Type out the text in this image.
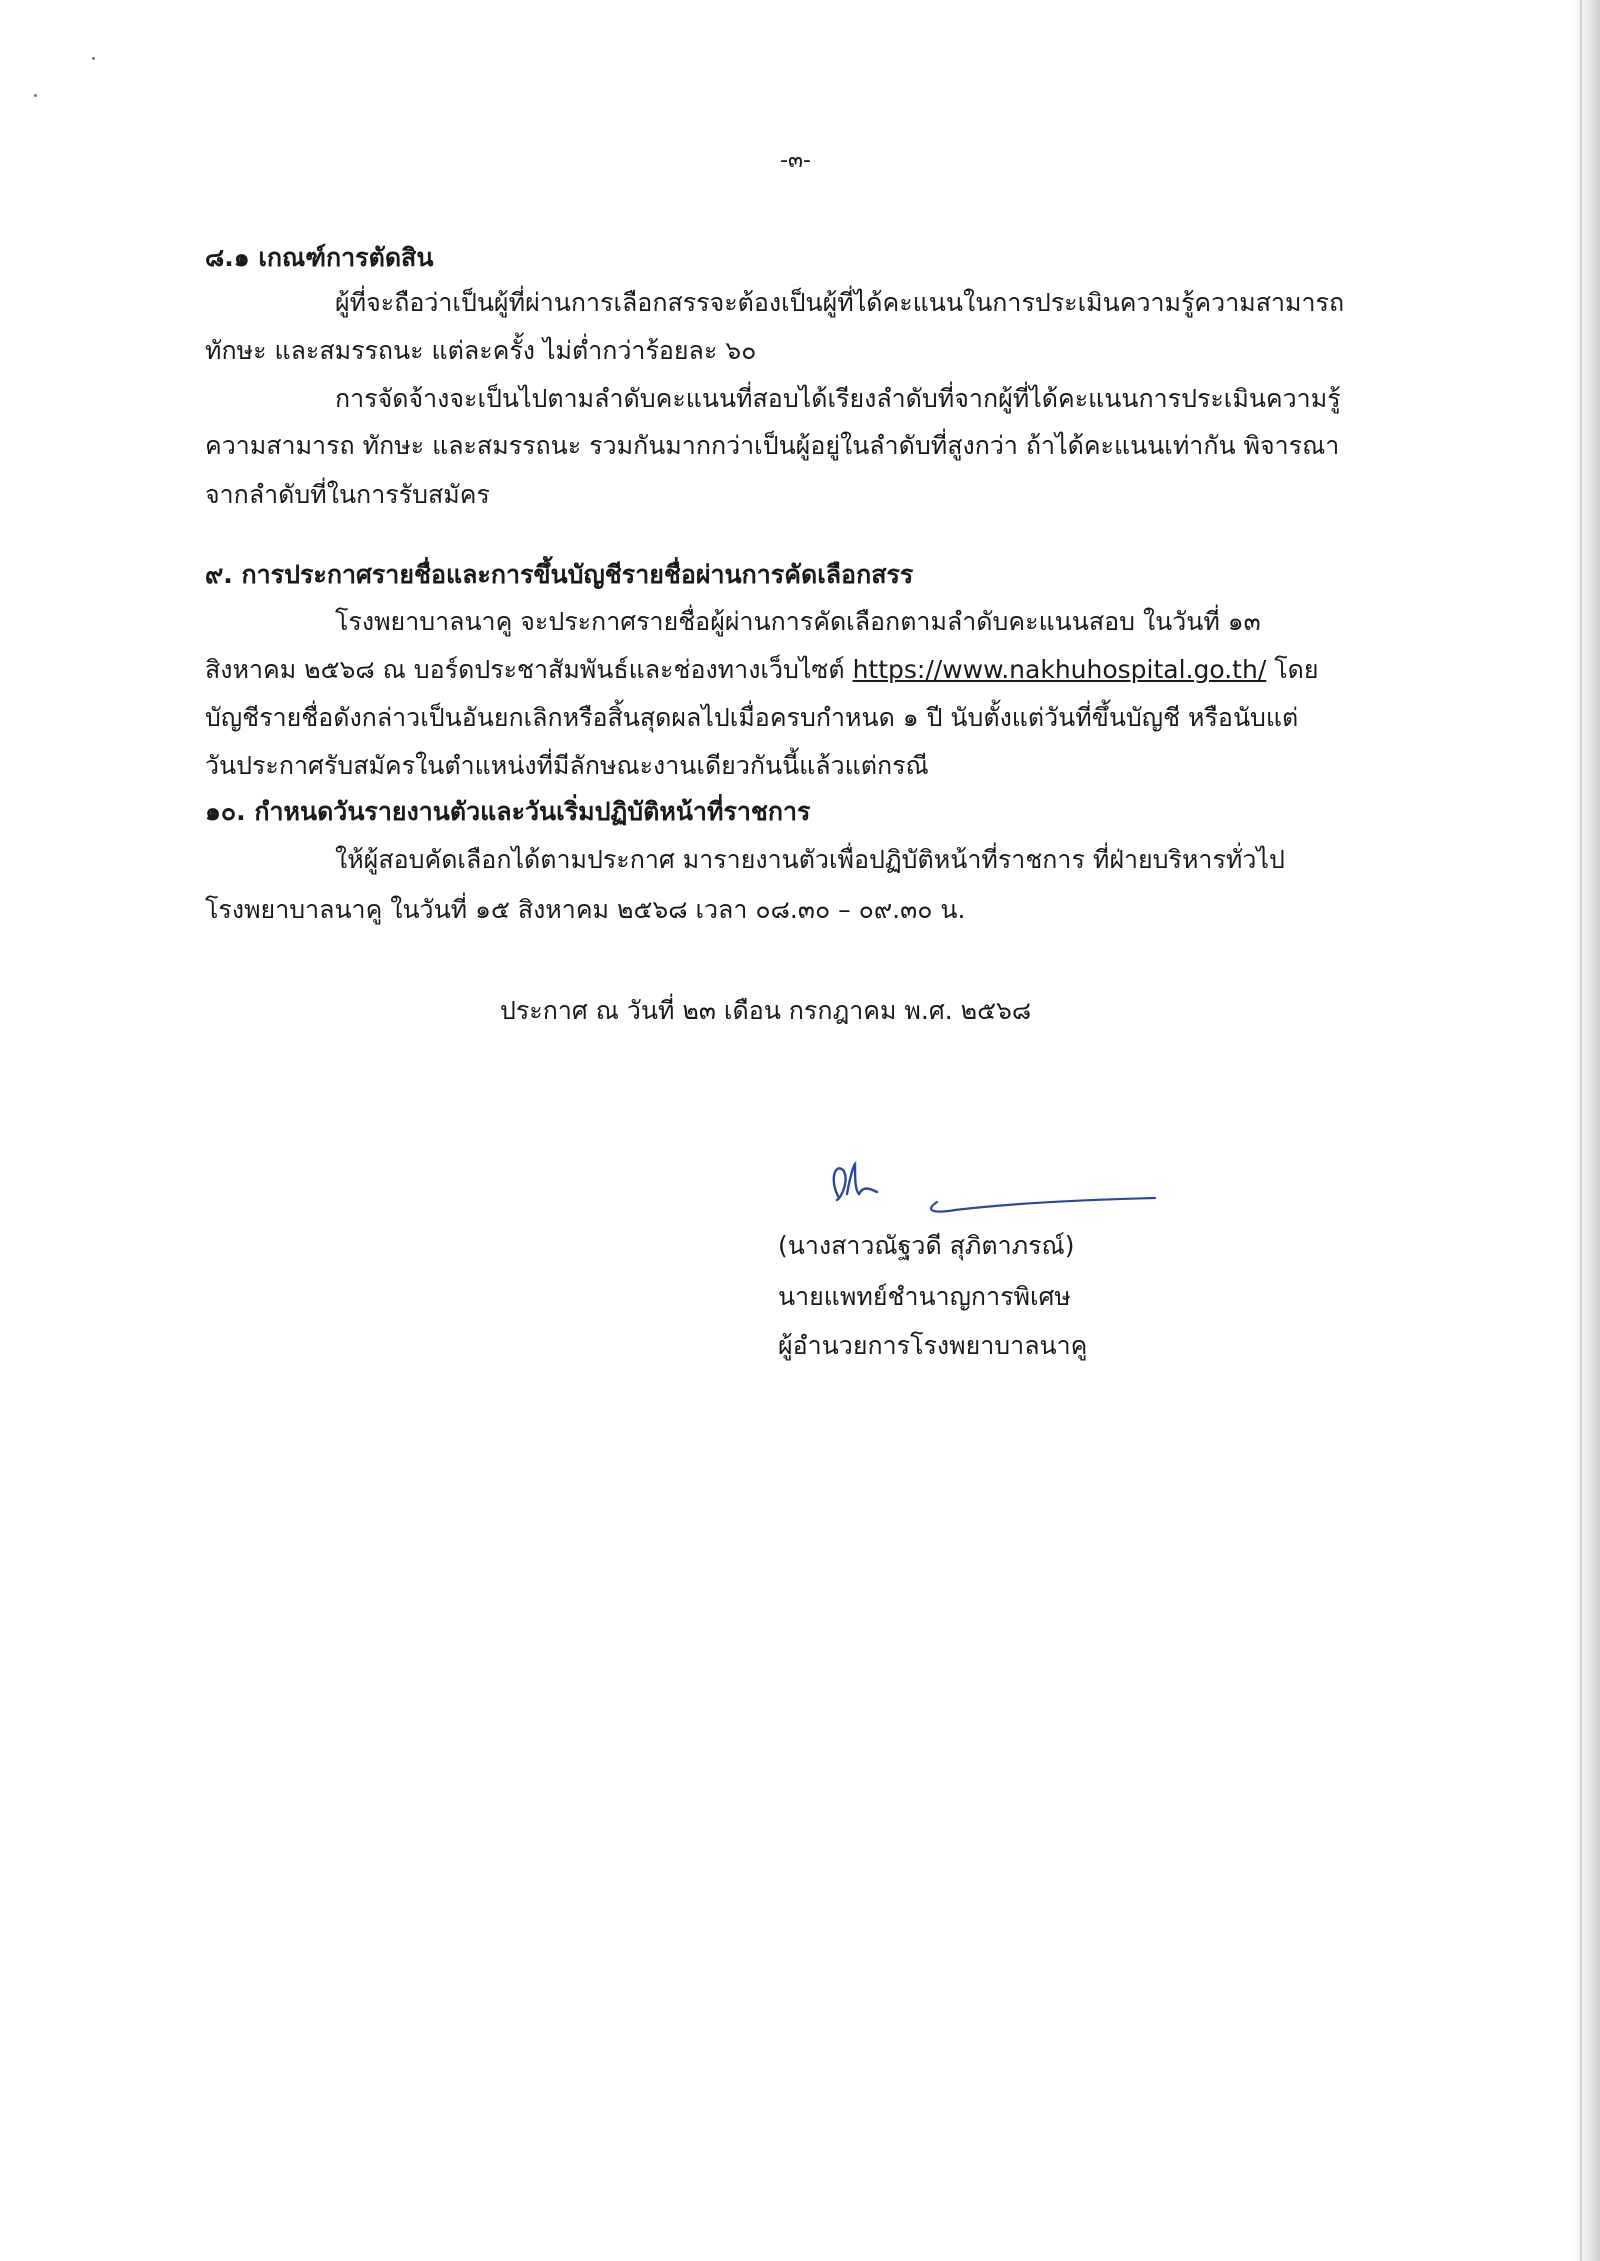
-๓-
๘.๑ เกณฑ์การตัดสิน
ผู้ที่จะถือว่าเป็นผู้ที่ผ่านการเลือกสรรจะต้องเป็นผู้ที่ได้คะแนนในการประเมินความรู้ความสามารถ
ทักษะ และสมรรถนะ แต่ละครั้ง ไม่ต่ำกว่าร้อยละ ๖๐
การจัดจ้างจะเป็นไปตามลำดับคะแนนที่สอบได้เรียงลำดับที่จากผู้ที่ได้คะแนนการประเมินความรู้
ความสามารถ ทักษะ และสมรรถนะ รวมกันมากกว่าเป็นผู้อยู่ในลำดับที่สูงกว่า ถ้าได้คะแนนเท่ากัน พิจารณา
จากลำดับที่ในการรับสมัคร
๙. การประกาศรายชื่อและการขึ้นบัญชีรายชื่อผ่านการคัดเลือกสรร
โรงพยาบาลนาคู จะประกาศรายชื่อผู้ผ่านการคัดเลือกตามลำดับคะแนนสอบ ในวันที่ ๑๓
สิงหาคม ๒๕๖๘ ณ บอร์ดประชาสัมพันธ์และช่องทางเว็บไซต์ https://www.nakhuhospital.go.th/ โดย
บัญชีรายชื่อดังกล่าวเป็นอันยกเลิกหรือสิ้นสุดผลไปเมื่อครบกำหนด ๑ ปี นับตั้งแต่วันที่ขึ้นบัญชี หรือนับแต่
วันประกาศรับสมัครในตำแหน่งที่มีลักษณะงานเดียวกันนี้แล้วแต่กรณี
๑๐. กำหนดวันรายงานตัวและวันเริ่มปฏิบัติหน้าที่ราชการ
ให้ผู้สอบคัดเลือกได้ตามประกาศ มารายงานตัวเพื่อปฏิบัติหน้าที่ราชการ ที่ฝ่ายบริหารทั่วไป
โรงพยาบาลนาคู ในวันที่ ๑๕ สิงหาคม ๒๕๖๘ เวลา ๐๘.๓๐ – ๐๙.๓๐ น.
ประกาศ ณ วันที่ ๒๓ เดือน กรกฎาคม พ.ศ. ๒๕๖๘
(นางสาวณัฐวดี สุภิตาภรณ์)
นายแพทย์ชำนาญการพิเศษ
ผู้อำนวยการโรงพยาบาลนาคู
